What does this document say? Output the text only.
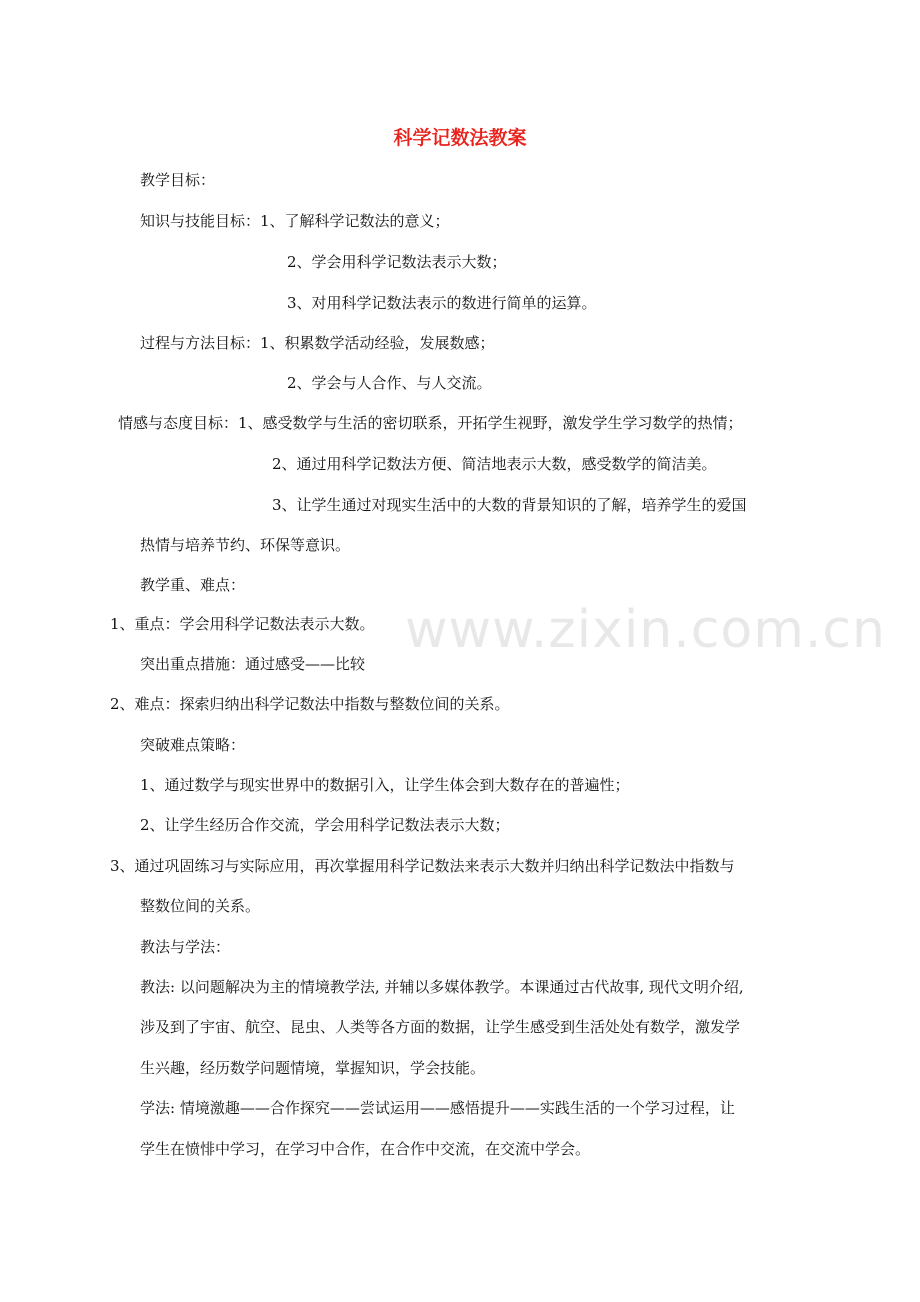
科学记数法教案
www.zixin.com.cn

教学目标：

知识与技能目标：1、了解科学记数法的意义；

2、学会用科学记数法表示大数；

3、对用科学记数法表示的数进行简单的运算。

过程与方法目标：1、积累数学活动经验，发展数感；

2、学会与人合作、与人交流。

情感与态度目标：1、感受数学与生活的密切联系，开拓学生视野，激发学生学习数学的热情；

2、通过用科学记数法方便、简洁地表示大数，感受数学的简洁美。

3、让学生通过对现实生活中的大数的背景知识的了解，培养学生的爱国

热情与培养节约、环保等意识。

教学重、难点：

1、重点：学会用科学记数法表示大数。

突出重点措施：通过感受——比较

2、难点：探索归纳出科学记数法中指数与整数位间的关系。

突破难点策略：

1、通过数学与现实世界中的数据引入，让学生体会到大数存在的普遍性；

2、让学生经历合作交流，学会用科学记数法表示大数；

3、通过巩固练习与实际应用，再次掌握用科学记数法来表示大数并归纳出科学记数法中指数与

整数位间的关系。

教法与学法：

教法: 以问题解决为主的情境教学法, 并辅以多媒体教学。本课通过古代故事, 现代文明介绍,

涉及到了宇宙、航空、昆虫、人类等各方面的数据，让学生感受到生活处处有数学，激发学

生兴趣，经历数学问题情境，掌握知识，学会技能。

学法: 情境激趣——合作探究——尝试运用——感悟提升——实践生活的一个学习过程，让

学生在愤悱中学习，在学习中合作，在合作中交流，在交流中学会。
